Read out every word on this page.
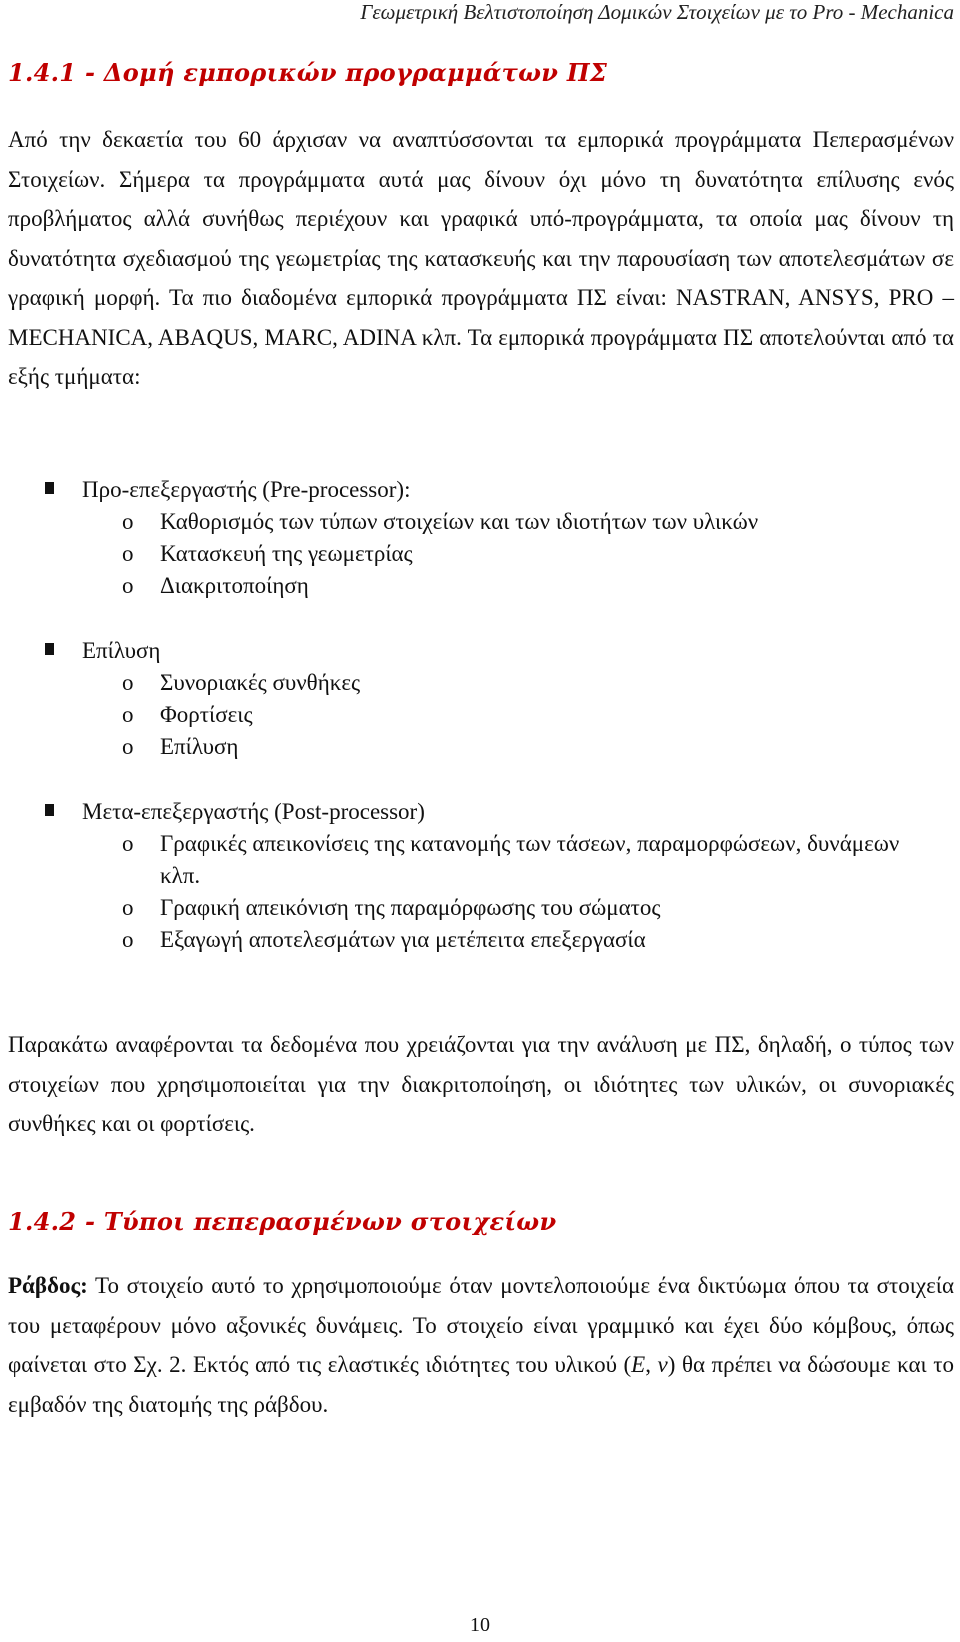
Γεωμετρική Βελτιστοποίηση Δομικών Στοιχείων με το Pro - Mechanica
1.4.1 - Δομή εμπορικών προγραμμάτων ΠΣ

Από την δεκαετία του 60 άρχισαν να αναπτύσσονται τα εμπορικά προγράμματα Πεπερασμένων Στοιχείων. Σήμερα τα προγράμματα αυτά μας δίνουν όχι μόνο τη δυνατότητα επίλυσης ενός προβλήματος αλλά συνήθως περιέχουν και γραφικά υπό-προγράμματα, τα οποία μας δίνουν τη δυνατότητα σχεδιασμού της γεωμετρίας της κατασκευής και την παρουσίαση των αποτελεσμάτων σε γραφική μορφή. Τα πιο διαδομένα εμπορικά προγράμματα ΠΣ είναι: NASTRAN, ANSYS, PRO – MECHANICA, ABAQUS, MARC, ADINA κλπ. Τα εμπορικά προγράμματα ΠΣ αποτελούνται από τα εξής τμήματα:

Προ-επεξεργαστής (Pre-processor):
o Καθορισμός των τύπων στοιχείων και των ιδιοτήτων των υλικών
o Κατασκευή της γεωμετρίας
o Διακριτοποίηση
Επίλυση
o Συνοριακές συνθήκες
o Φορτίσεις
o Επίλυση
Μετα-επεξεργαστής (Post-processor)
o Γραφικές απεικονίσεις της κατανομής των τάσεων, παραμορφώσεων, δυνάμεων κλπ.
o Γραφική απεικόνιση της παραμόρφωσης του σώματος
o Εξαγωγή αποτελεσμάτων για μετέπειτα επεξεργασία

Παρακάτω αναφέρονται τα δεδομένα που χρειάζονται για την ανάλυση με ΠΣ, δηλαδή, ο τύπος των στοιχείων που χρησιμοποιείται για την διακριτοποίηση, οι ιδιότητες των υλικών, οι συνοριακές συνθήκες και οι φορτίσεις.

1.4.2 - Τύποι πεπερασμένων στοιχείων

Ράβδος: Το στοιχείο αυτό το χρησιμοποιούμε όταν μοντελοποιούμε ένα δικτύωμα όπου τα στοιχεία του μεταφέρουν μόνο αξονικές δυνάμεις. Το στοιχείο είναι γραμμικό και έχει δύο κόμβους, όπως φαίνεται στο Σχ. 2. Εκτός από τις ελαστικές ιδιότητες του υλικού (E, ν) θα πρέπει να δώσουμε και το εμβαδόν της διατομής της ράβδου.

10
